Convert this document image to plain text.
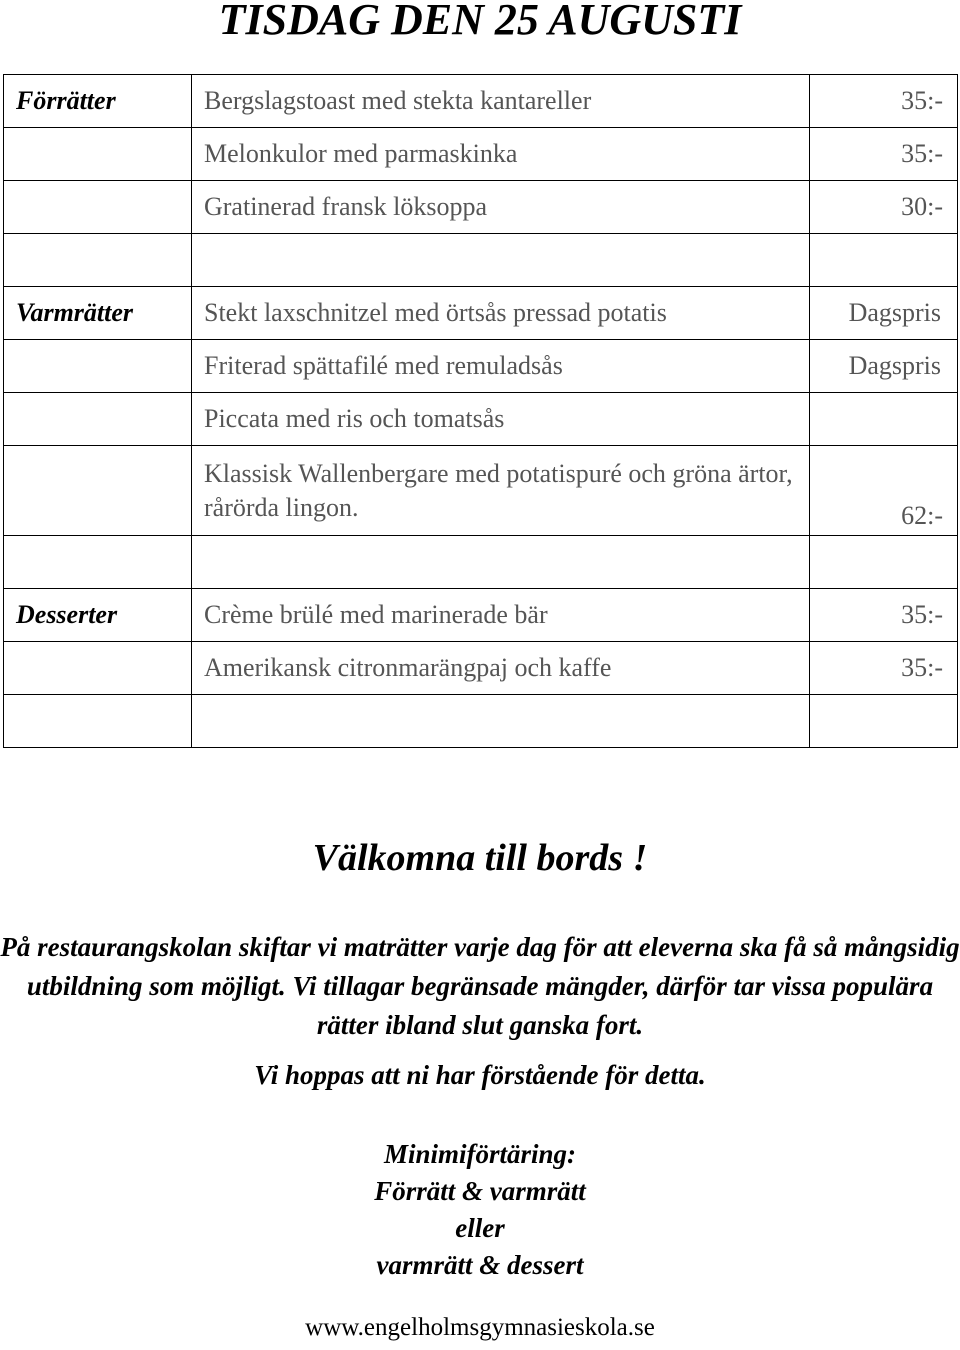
TISDAG DEN 25 AUGUSTI
Förrätter	Bergslagstoast med stekta kantareller	35:-
	Melonkulor med parmaskinka	35:-
	Gratinerad fransk löksoppa	30:-

Varmrätter	Stekt laxschnitzel med örtsås pressad potatis	Dagspris
	Friterad spättafilé med remuladsås	Dagspris
	Piccata med ris och tomatsås	
	Klassisk Wallenbergare med potatispuré och gröna ärtor, rårörda lingon.	62:-

Desserter	Crème brülé med marinerade bär	35:-
	Amerikansk citronmarängpaj och kaffe	35:-

Välkomna till bords !

På restaurangskolan skiftar vi maträtter varje dag för att eleverna ska få så mångsidig utbildning som möjligt. Vi tillagar begränsade mängder, därför tar vissa populära rätter ibland slut ganska fort.

Vi hoppas att ni har förstående för detta.

Minimiförtäring:
Förrätt & varmrätt
eller
varmrätt & dessert
www.engelholmsgymnasieskola.se
